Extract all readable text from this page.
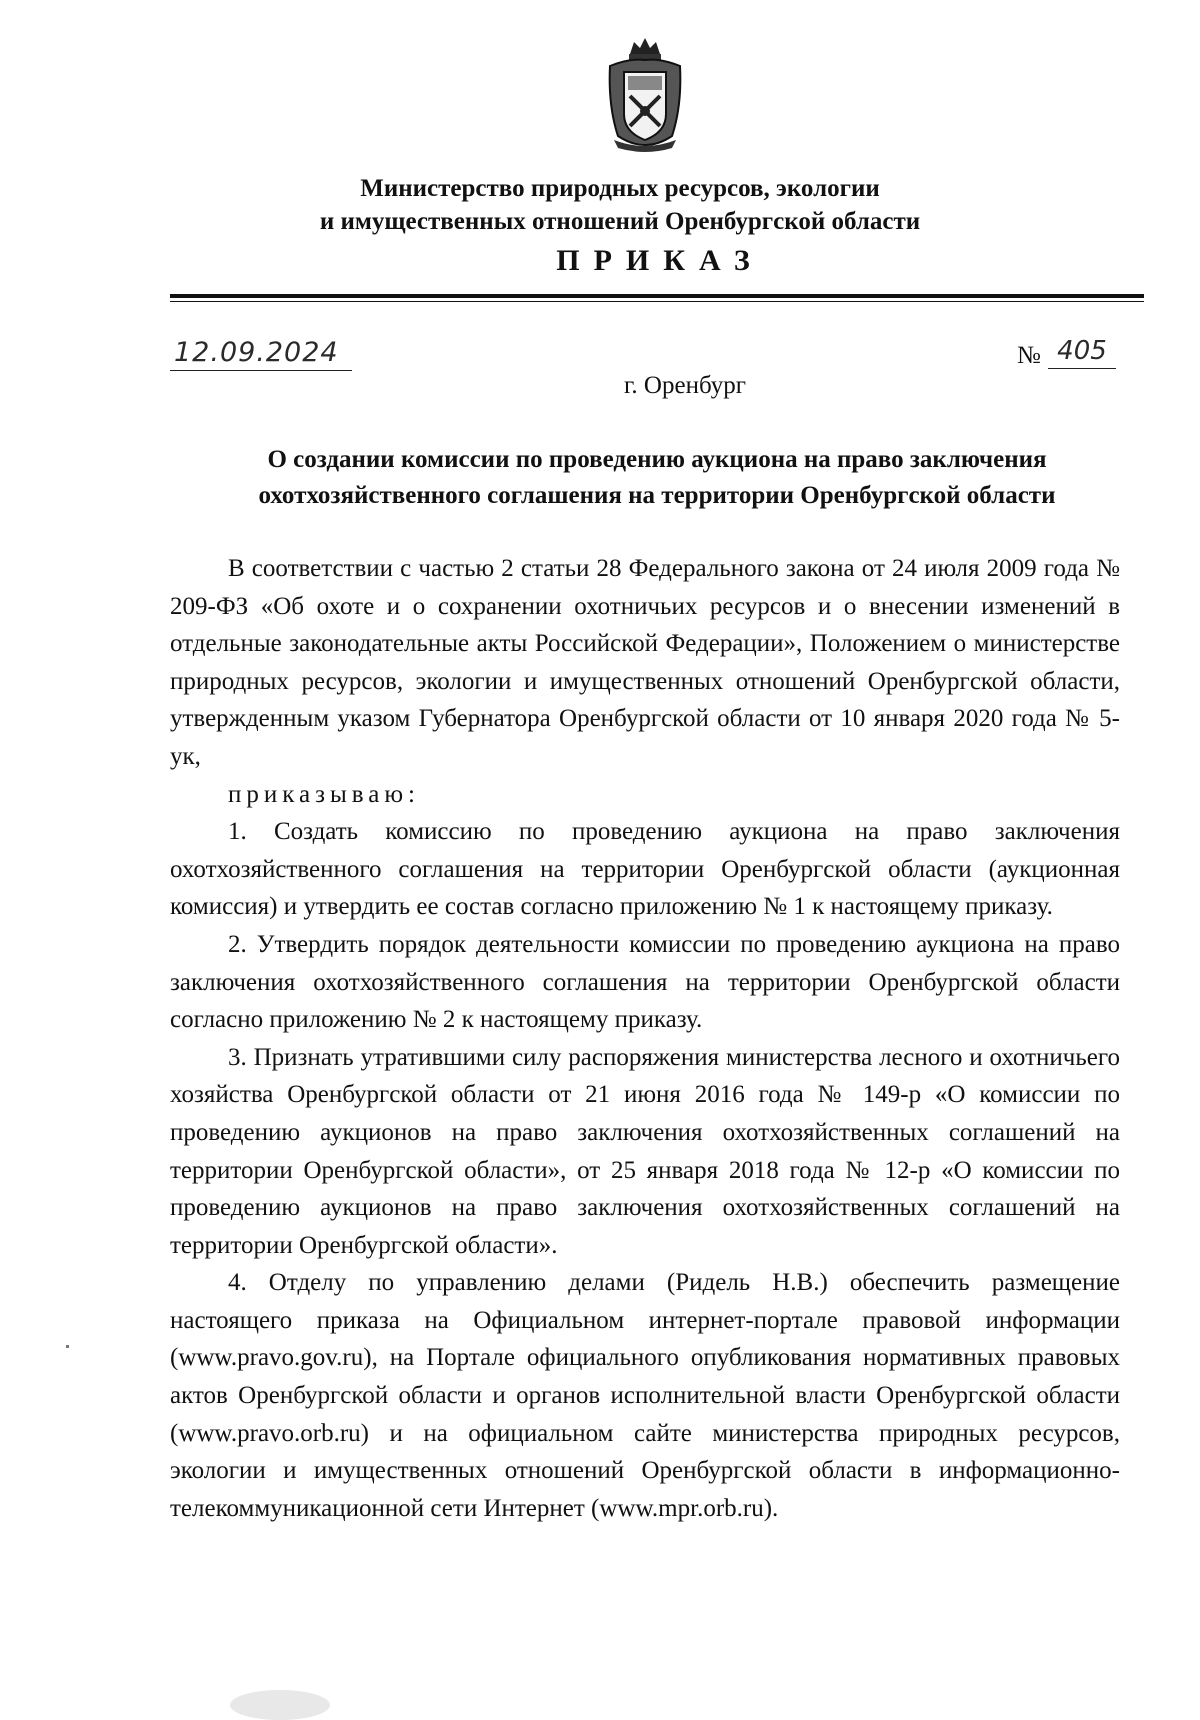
Министерство природных ресурсов, экологии
и имущественных отношений Оренбургской области
ПРИКАЗ
12.09.2024	№ 405
г. Оренбург
О создании комиссии по проведению аукциона на право заключения
охотхозяйственного соглашения на территории Оренбургской области

В соответствии с частью 2 статьи 28 Федерального закона от 24 июля 2009 года № 209-ФЗ «Об охоте и о сохранении охотничьих ресурсов и о внесении изменений в отдельные законодательные акты Российской Федерации», Положением о министерстве природных ресурсов, экологии и имущественных отношений Оренбургской области, утвержденным указом Губернатора Оренбургской области от 10 января 2020 года № 5-ук,

приказываю:

1. Создать комиссию по проведению аукциона на право заключения охотхозяйственного соглашения на территории Оренбургской области (аукционная комиссия) и утвердить ее состав согласно приложению № 1 к настоящему приказу.

2. Утвердить порядок деятельности комиссии по проведению аукциона на право заключения охотхозяйственного соглашения на территории Оренбургской области согласно приложению № 2 к настоящему приказу.

3. Признать утратившими силу распоряжения министерства лесного и охотничьего хозяйства Оренбургской области от 21 июня 2016 года № 149-р «О комиссии по проведению аукционов на право заключения охотхозяйственных соглашений на территории Оренбургской области», от 25 января 2018 года № 12-р «О комиссии по проведению аукционов на право заключения охотхозяйственных соглашений на территории Оренбургской области».

4. Отделу по управлению делами (Ридель Н.В.) обеспечить размещение настоящего приказа на Официальном интернет-портале правовой информации (www.pravo.gov.ru), на Портале официального опубликования нормативных правовых актов Оренбургской области и органов исполнительной власти Оренбургской области (www.pravo.orb.ru) и на официальном сайте министерства природных ресурсов, экологии и имущественных отношений Оренбургской области в информационно-телекоммуникационной сети Интернет (www.mpr.orb.ru).
